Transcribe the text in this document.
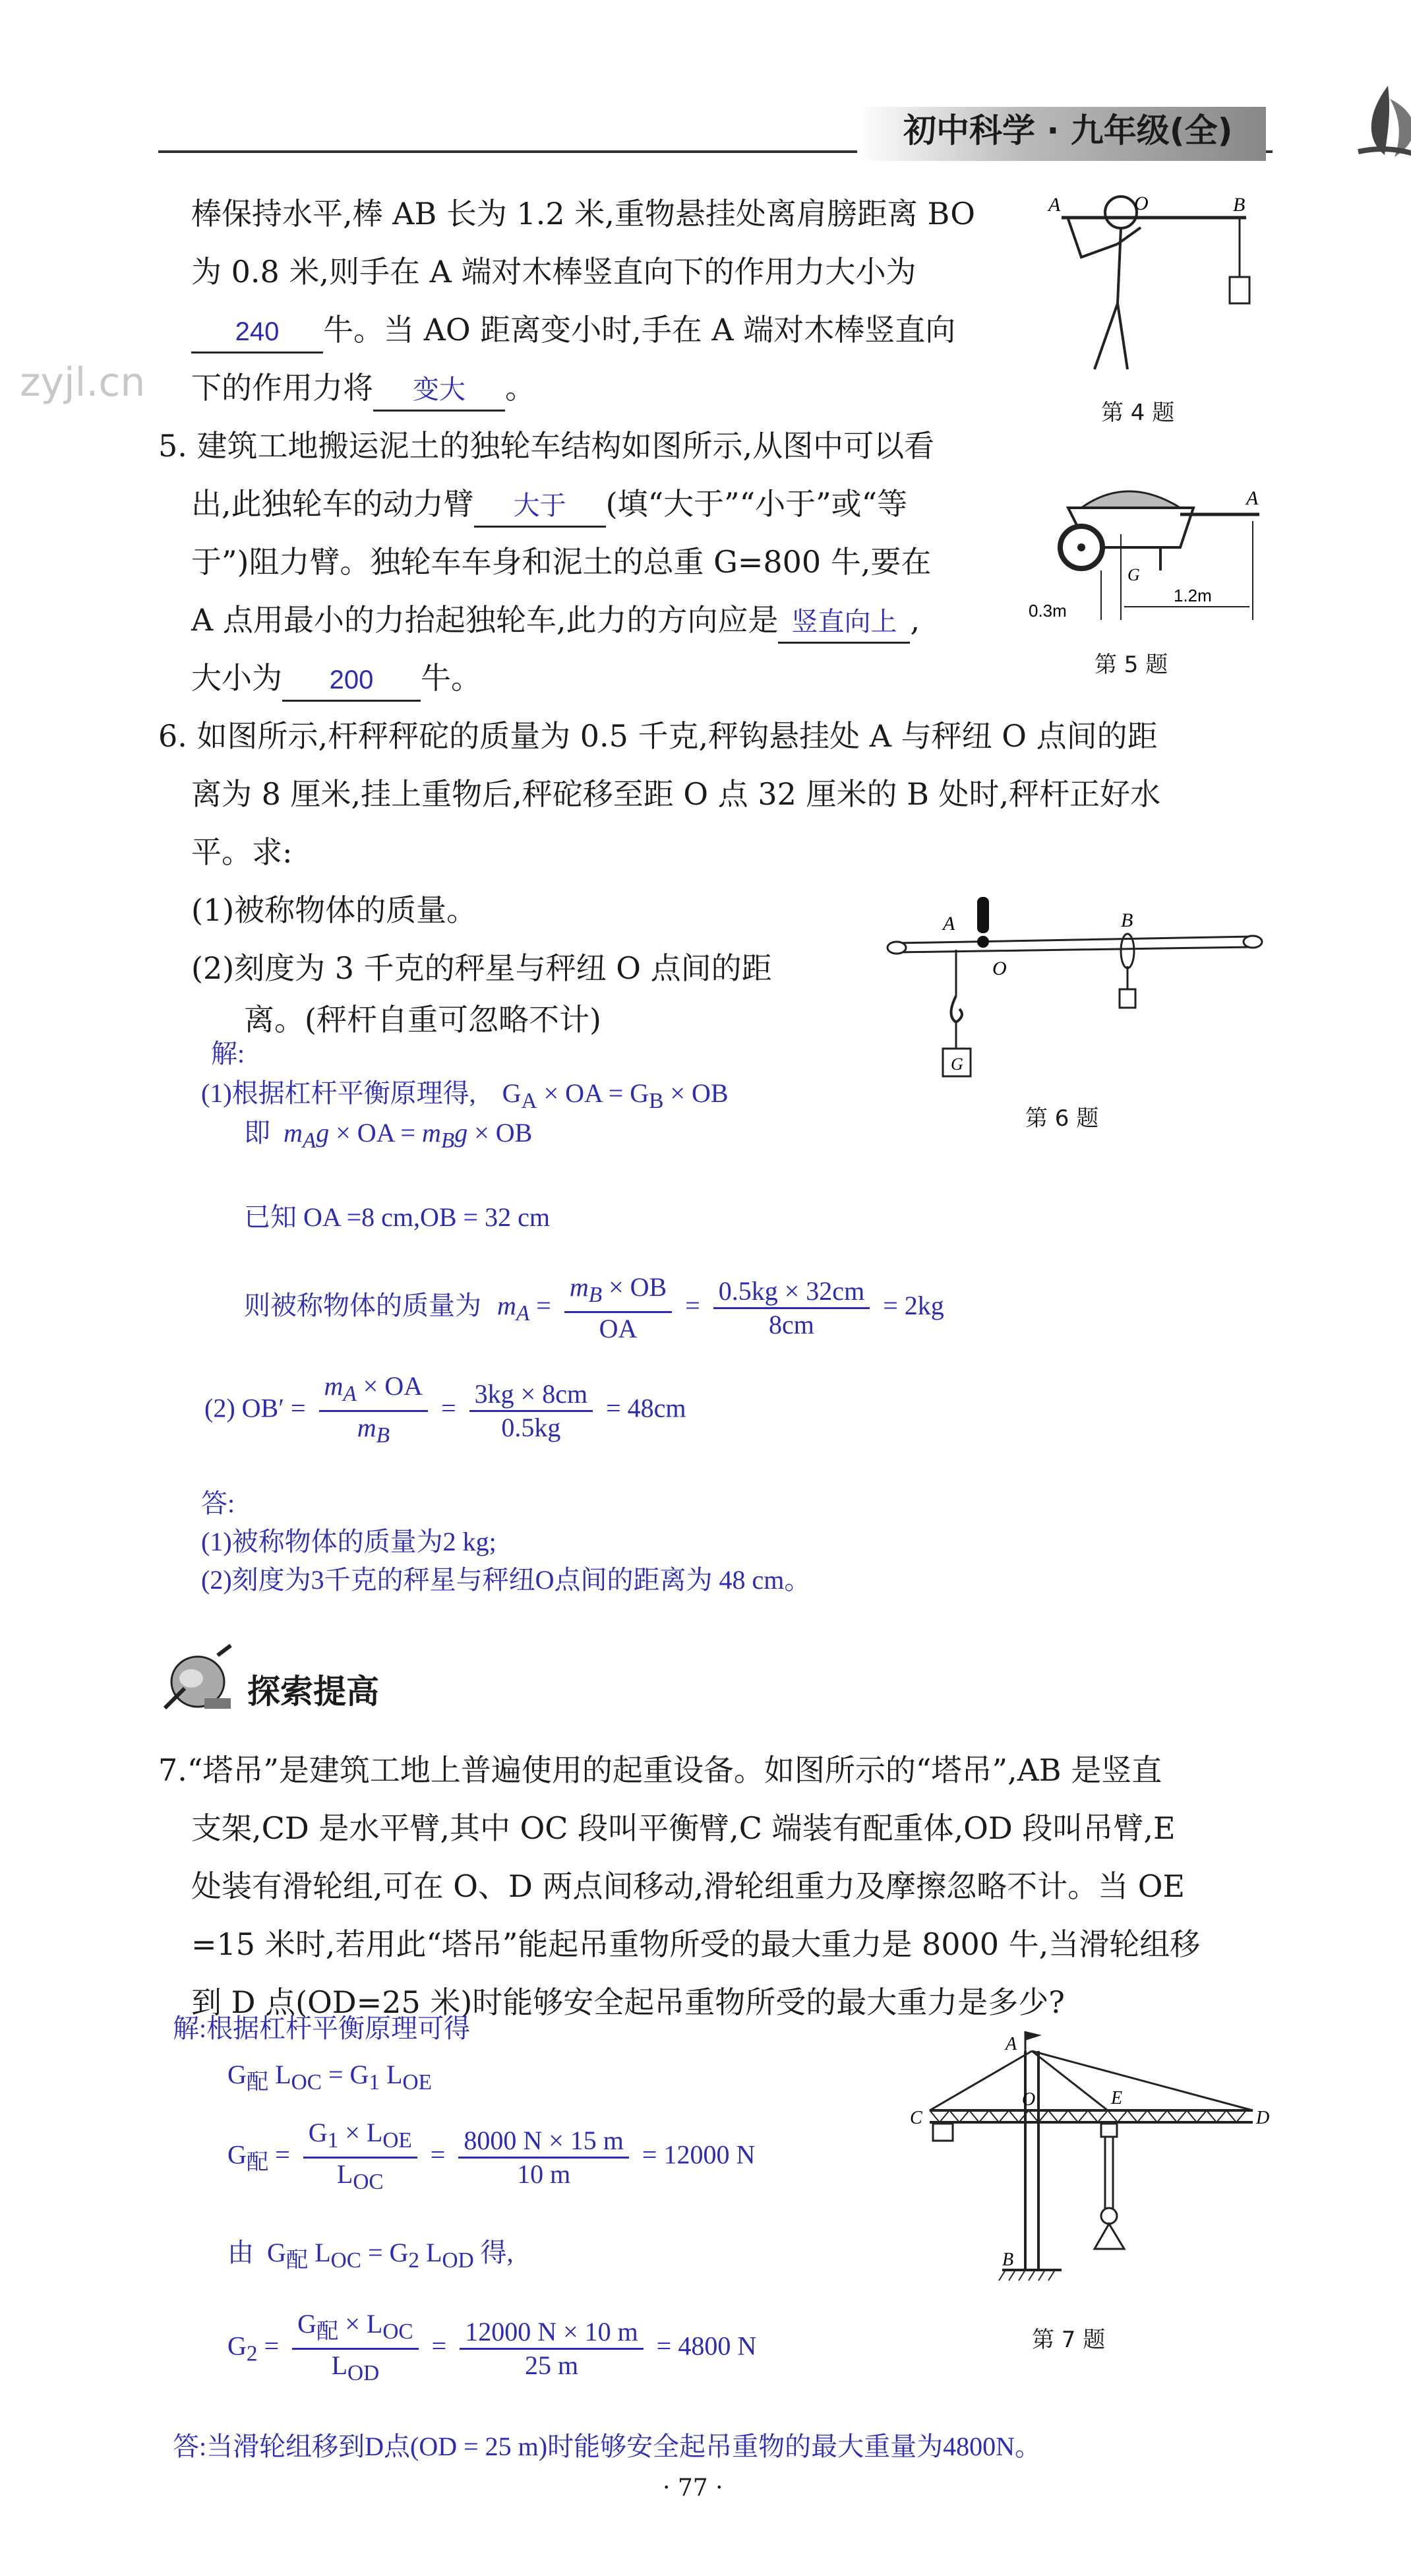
初中科学 · 九年级(全)
zyjl.cn
棒保持水平,棒 AB 长为 1.2 米,重物悬挂处离肩膀距离 BO
为 0.8 米,则手在 A 端对木棒竖直向下的作用力大小为
240 牛。当 AO 距离变小时,手在 A 端对木棒竖直向
下的作用力将 变大 。
A	O	B
第 4 题
5. 建筑工地搬运泥土的独轮车结构如图所示,从图中可以看
出,此独轮车的动力臂 大于 (填“大于”“小于”或“等
于”)阻力臂。独轮车车身和泥土的总重 G=800 牛,要在
A 点用最小的力抬起独轮车,此力的方向应是 竖直向上 ,
大小为 200 牛。
A
G
0.3m
1.2m
第 5 题
6. 如图所示,杆秤秤砣的质量为 0.5 千克,秤钩悬挂处 A 与秤纽 O 点间的距
离为 8 厘米,挂上重物后,秤砣移至距 O 点 32 厘米的 B 处时,秤杆正好水
平。求:
(1)被称物体的质量。
(2)刻度为 3 千克的秤星与秤纽 O 点间的距
离。(秤杆自重可忽略不计)
A
O
B
G
第 6 题
解:
(1)根据杠杆平衡原理得, $G_A$ × OA = $G_B$ × OB
即 $m_Ag$ × OA = $m_Bg$ × OB
已知 OA =8 cm,OB = 32 cm
则被称物体的质量为 $m_A = \frac{m_B \times OB}{OA} = \frac{0.5kg \times 32cm}{8cm} = 2kg$
(2) $OB' = \frac{m_A \times OA}{m_B} = \frac{3kg \times 8cm}{0.5kg} = 48cm$
答:
(1)被称物体的质量为2 kg;
(2)刻度为3千克的秤星与秤纽O点间的距离为 48 cm。
探索提高
7.“塔吊”是建筑工地上普遍使用的起重设备。如图所示的“塔吊”,AB 是竖直
支架,CD 是水平臂,其中 OC 段叫平衡臂,C 端装有配重体,OD 段叫吊臂,E
处装有滑轮组,可在 O、D 两点间移动,滑轮组重力及摩擦忽略不计。当 OE
=15 米时,若用此“塔吊”能起吊重物所受的最大重力是 8000 牛,当滑轮组移
到 D 点(OD=25 米)时能够安全起吊重物所受的最大重力是多少?
A
B
C	D
O	E
第 7 题
解:根据杠杆平衡原理可得
$G_配$ $L_{OC} = G_1$ $L_{OE}$
$G_配 = \frac{G_1 \times L_{OE}}{L_{OC}} = \frac{8000 N \times 15 m}{10 m} = 12000$ N
由  $G_配$ $L_{OC} = G_2$ $L_{OD}$ 得,
$G_2 = \frac{G_配 \times L_{OC}}{L_{OD}} = \frac{12000 N \times 10 m}{25 m} = 4800$ N
答:当滑轮组移到D点(OD = 25 m)时能够安全起吊重物的最大重量为4800N。
· 77 ·
